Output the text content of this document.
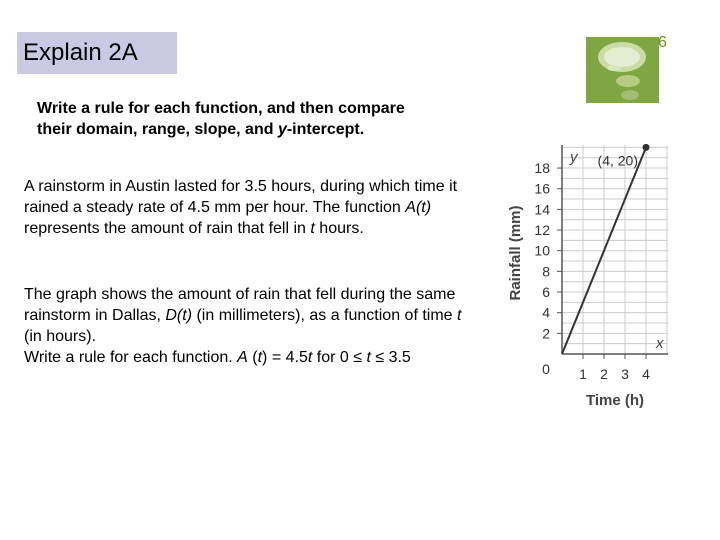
Explain 2A	6
Write a rule for each function, and then compare their domain, range, slope, and y-intercept.
A rainstorm in Austin lasted for 3.5 hours, during which time it rained a steady rate of 4.5 mm per hour. The function A(t) represents the amount of rain that fell in t hours.
The graph shows the amount of rain that fell during the same rainstorm in Dallas, D(t) (in millimeters), as a function of time t (in hours).
Write a rule for each function. A (t) = 4.5t for 0 ≤ t ≤ 3.5
2
4
6
8
10
12
14
16
18
1 2 3 4
0
y
x
Time (h)
Rainfall (mm)
(4, 20)
